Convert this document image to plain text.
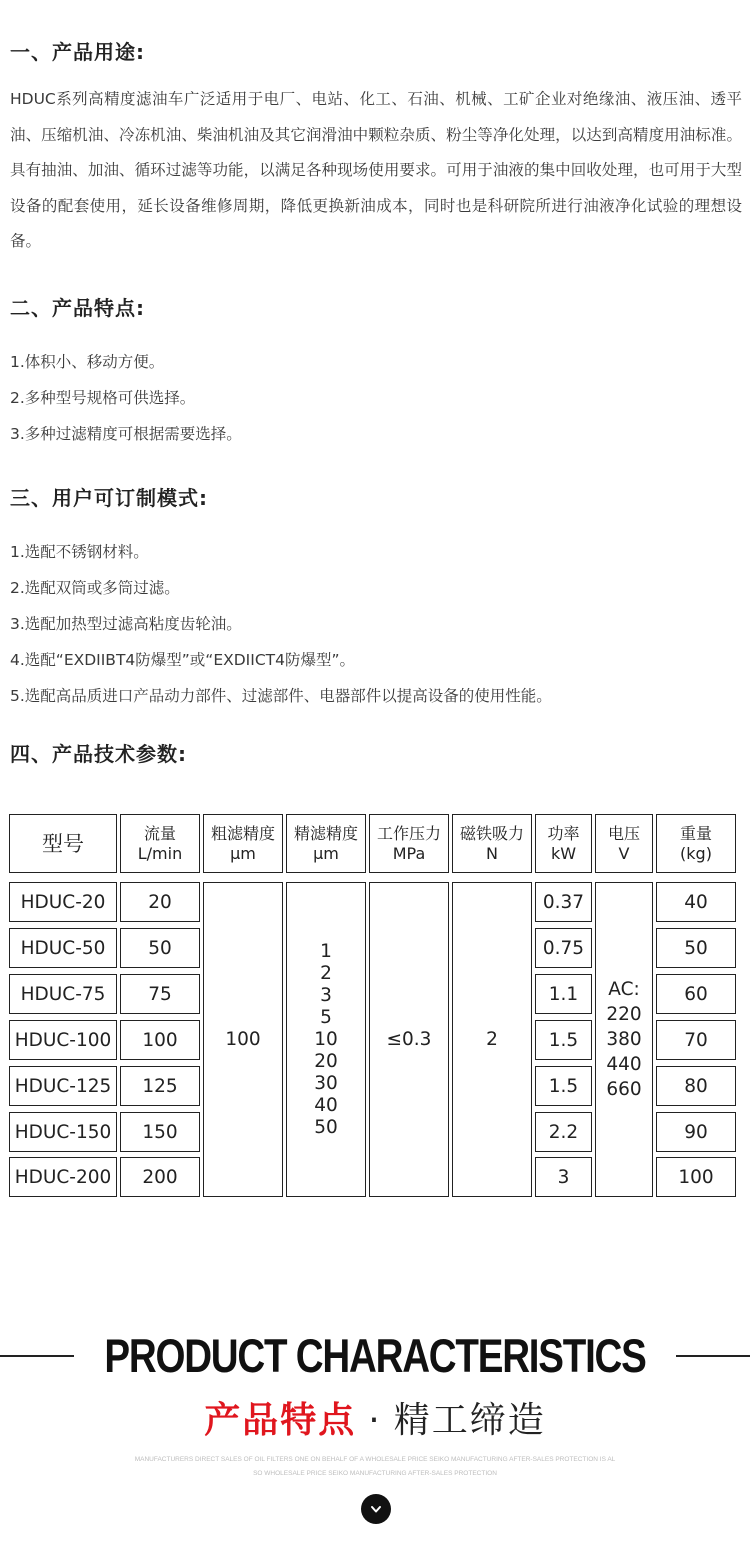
一、产品用途:
HDUC系列高精度滤油车广泛适用于电厂、电站、化工、石油、机械、工矿企业对绝缘油、液压油、透平油、压缩机油、冷冻机油、柴油机油及其它润滑油中颗粒杂质、粉尘等净化处理，以达到高精度用油标准。具有抽油、加油、循环过滤等功能，以满足各种现场使用要求。可用于油液的集中回收处理，也可用于大型设备的配套使用，延长设备维修周期，降低更换新油成本，同时也是科研院所进行油液净化试验的理想设备。
二、产品特点:
1.体积小、移动方便。
2.多种型号规格可供选择。
3.多种过滤精度可根据需要选择。
三、用户可订制模式:
1.选配不锈钢材料。
2.选配双筒或多筒过滤。
3.选配加热型过滤高粘度齿轮油。
4.选配“EXDIIBT4防爆型”或“EXDIICT4防爆型”。
5.选配高品质进口产品动力部件、过滤部件、电器部件以提高设备的使用性能。
四、产品技术参数:
型号	流量
L/min
粗滤精度
μm
精滤精度
μm
工作压力
MPa
磁铁吸力
N
功率
kW
电压
V
重量
(kg)
HDUC-20
HDUC-50
HDUC-75
HDUC-100
HDUC-125
HDUC-150
HDUC-200
20
50
75
100
125
150
200
100
1
2
3
5
10
20
30
40
50
≤0.3	2
0.37
0.75
1.1
1.5
1.5
2.2
3
AC:
220
380
440
660
40
50
60
70
80
90
100
PRODUCT CHARACTERISTICS
产品特点 · 精工缔造
MANUFACTURERS DIRECT SALES OF OIL FILTERS ONE ON BEHALF OF A WHOLESALE PRICE SEIKO MANUFACTURING AFTER-SALES PROTECTION IS AL
SO WHOLESALE PRICE SEIKO MANUFACTURING AFTER-SALES PROTECTION
